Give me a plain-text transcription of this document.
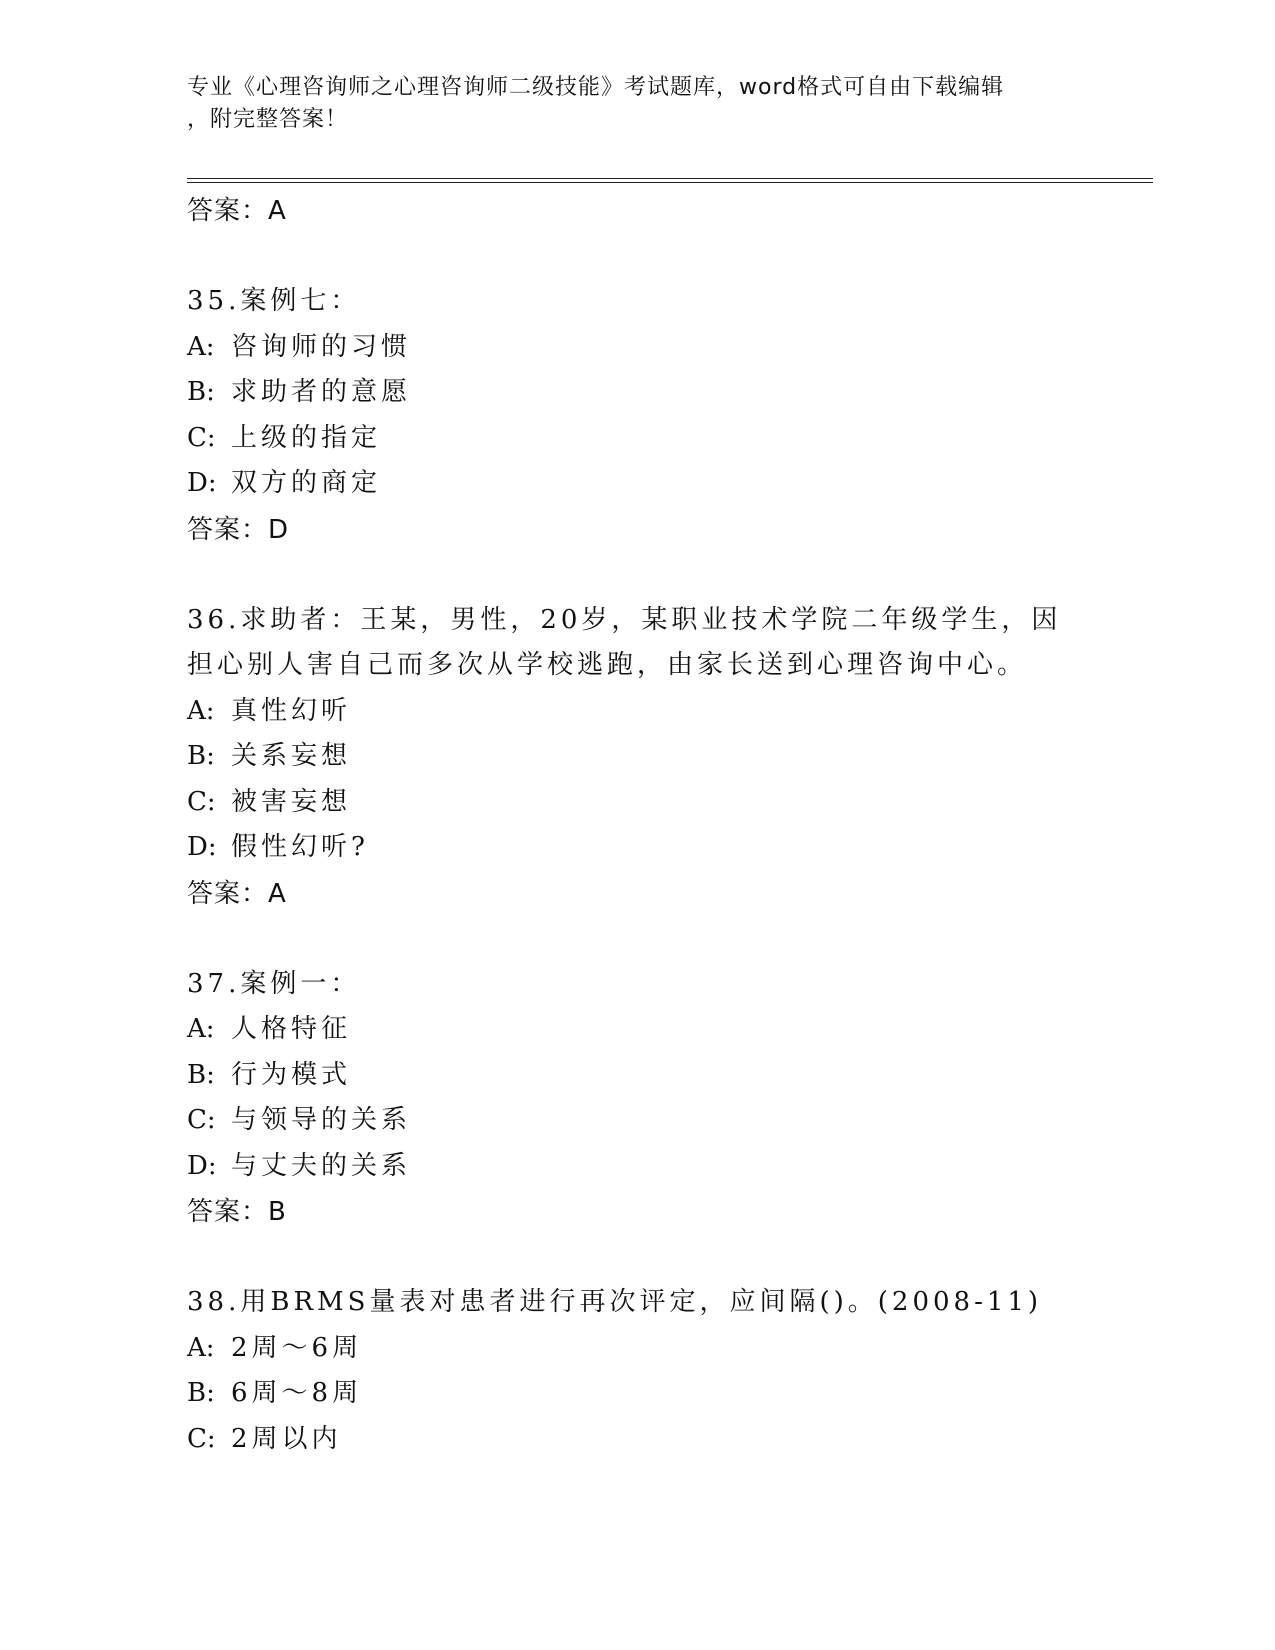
专业《心理咨询师之心理咨询师二级技能》考试题库，word格式可自由下载编辑
，附完整答案！
答案：A
35.案例七：
A: 咨询师的习惯
B: 求助者的意愿
C: 上级的指定
D: 双方的商定
答案：D
36.求助者：王某，男性，20岁，某职业技术学院二年级学生，因担心别人害自己而多次从学校逃跑，由家长送到心理咨询中心。
A: 真性幻听
B: 关系妄想
C: 被害妄想
D: 假性幻听?
答案：A
37.案例一：
A: 人格特征
B: 行为模式
C: 与领导的关系
D: 与丈夫的关系
答案：B
38.用BRMS量表对患者进行再次评定，应间隔()。(2008-11)
A: 2周～6周
B: 6周～8周
C: 2周以内
